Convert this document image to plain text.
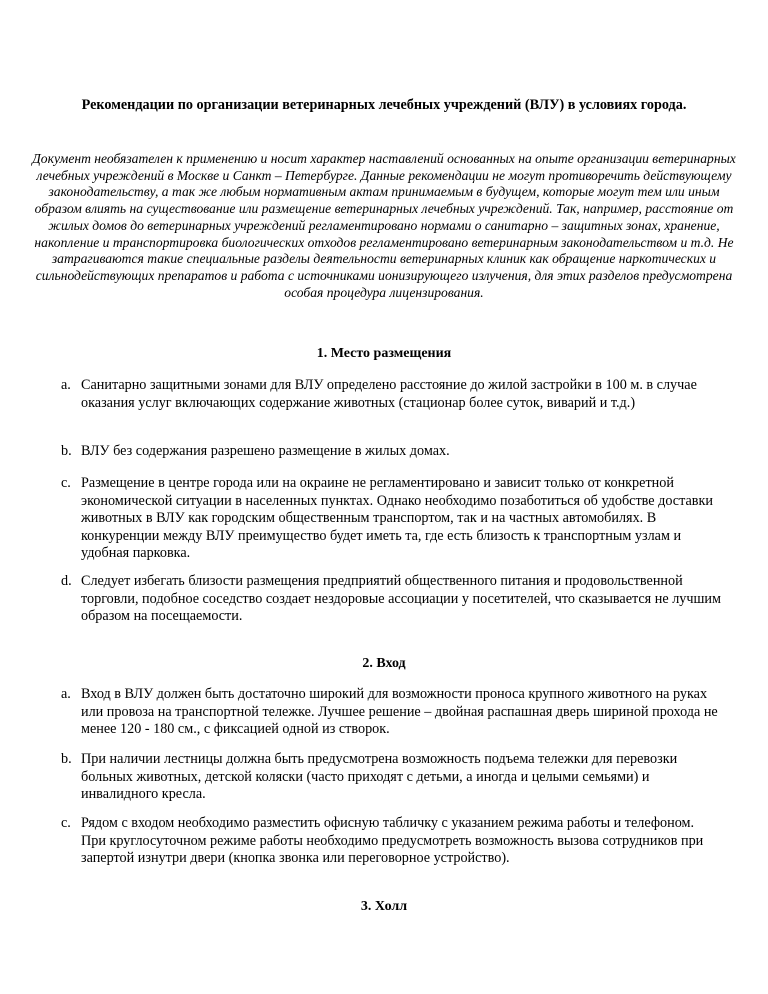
Рекомендации по организации ветеринарных лечебных учреждений (ВЛУ) в условиях города.
Документ необязателен к применению и носит характер наставлений основанных на опыте организации ветеринарных лечебных учреждений в Москве и Санкт – Петербурге. Данные рекомендации не могут противоречить действующему законодательству, а так же любым нормативным актам принимаемым в будущем, которые могут тем или иным образом влиять на существование или размещение ветеринарных лечебных учреждений. Так, например, расстояние от жилых домов до ветеринарных учреждений регламентировано нормами о санитарно – защитных зонах, хранение, накопление и транспортировка биологических отходов регламентировано ветеринарным законодательством и т.д. Не затрагиваются такие специальные разделы деятельности ветеринарных клиник как обращение наркотических и сильнодействующих препаратов и работа с источниками ионизирующего излучения, для этих разделов предусмотрена особая процедура лицензирования.
1. Место размещения
a. Санитарно защитными зонами для ВЛУ определено расстояние до жилой застройки в 100 м. в случае оказания услуг включающих содержание животных (стационар более суток, виварий и т.д.)
b. ВЛУ без содержания разрешено размещение в жилых домах.
c. Размещение в центре города или на окраине не регламентировано и зависит только от конкретной экономической ситуации в населенных пунктах. Однако необходимо позаботиться об удобстве доставки животных в ВЛУ как городским общественным транспортом, так и на частных автомобилях. В конкуренции между ВЛУ преимущество будет иметь та, где есть близость к транспортным узлам и удобная парковка.
d. Следует избегать близости размещения предприятий общественного питания и продовольственной торговли, подобное соседство создает нездоровые ассоциации у посетителей, что сказывается не лучшим образом на посещаемости.
2. Вход
a. Вход в ВЛУ должен быть достаточно широкий для возможности проноса крупного животного на руках или провоза на транспортной тележке. Лучшее решение – двойная распашная дверь шириной прохода не менее 120 - 180 см., с фиксацией одной из створок.
b. При наличии лестницы должна быть предусмотрена возможность подъема тележки для перевозки больных животных, детской коляски (часто приходят с детьми, а иногда и целыми семьями) и инвалидного кресла.
c. Рядом с входом необходимо разместить офисную табличку с указанием режима работы и телефоном. При круглосуточном режиме работы необходимо предусмотреть возможность вызова сотрудников при запертой изнутри двери (кнопка звонка или переговорное устройство).
3. Холл
